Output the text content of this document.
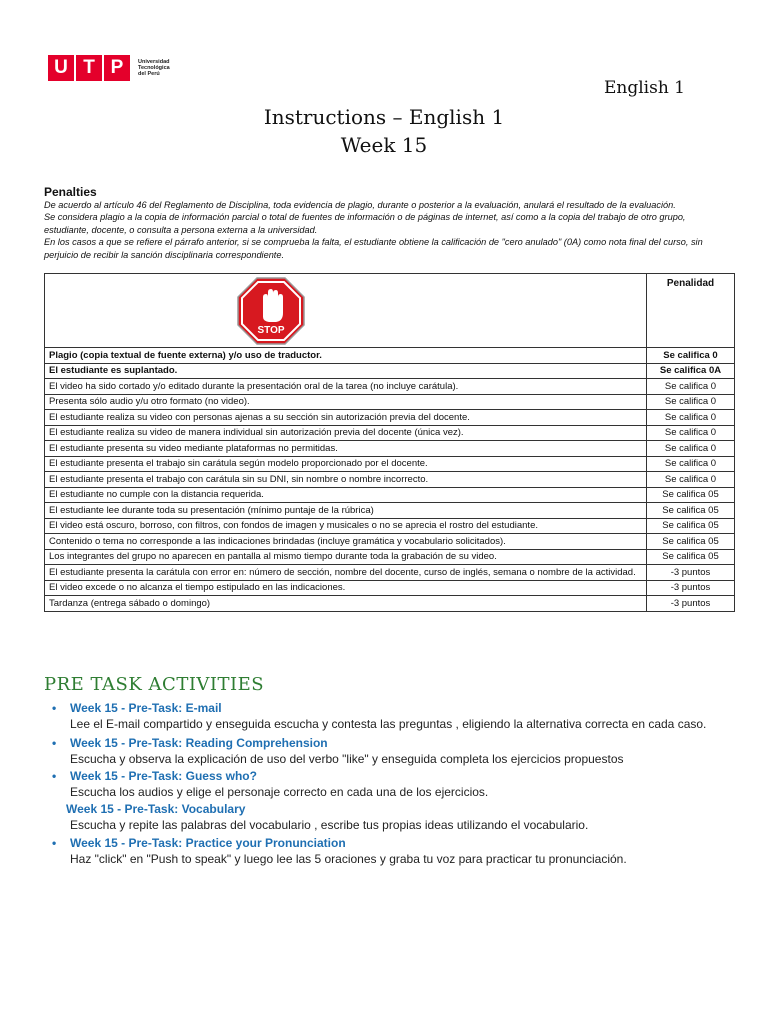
U T P	Universidad
Tecnológica
del Perú
English 1
Instructions – English 1
Week 15
Penalties
De acuerdo al artículo 46 del Reglamento de Disciplina, toda evidencia de plagio, durante o posterior a la evaluación, anulará el resultado de la evaluación.
Se considera plagio a la copia de información parcial o total de fuentes de información o de páginas de internet, así como a la copia del trabajo de otro grupo, estudiante, docente, o consulta a persona externa a la universidad.
En los casos a que se refiere el párrafo anterior, si se comprueba la falta, el estudiante obtiene la calificación de "cero anulado" (0A) como nota final del curso, sin perjuicio de recibir la sanción disciplinaria correspondiente.
STOP	Penalidad
Plagio (copia textual de fuente externa) y/o uso de traductor.	Se califica 0
El estudiante es suplantado.	Se califica 0A
El video ha sido cortado y/o editado durante la presentación oral de la tarea (no incluye carátula).	Se califica 0
Presenta sólo audio y/u otro formato (no video).	Se califica 0
El estudiante realiza su video con personas ajenas a su sección sin autorización previa del docente.	Se califica 0
El estudiante realiza su video de manera individual sin autorización previa del docente (única vez).	Se califica 0
El estudiante presenta su video mediante plataformas no permitidas.	Se califica 0
El estudiante presenta el trabajo sin carátula según modelo proporcionado por el docente.	Se califica 0
El estudiante presenta el trabajo con carátula sin su DNI, sin nombre o nombre incorrecto.	Se califica 0
El estudiante no cumple con la distancia requerida.	Se califica 05
El estudiante lee durante toda su presentación (mínimo puntaje de la rúbrica)	Se califica 05
El video está oscuro, borroso, con filtros, con fondos de imagen y musicales o no se aprecia el rostro del estudiante.	Se califica 05
Contenido o tema no corresponde a las indicaciones brindadas (incluye gramática y vocabulario solicitados).	Se califica 05
Los integrantes del grupo no aparecen en pantalla al mismo tiempo durante toda la grabación de su video.	Se califica 05
El estudiante presenta la carátula con error en: número de sección, nombre del docente, curso de inglés, semana o nombre de la actividad.	-3 puntos
El video excede o no alcanza el tiempo estipulado en las indicaciones.	-3 puntos
Tardanza (entrega sábado o domingo)	-3 puntos
PRE TASK ACTIVITIES
•	Week 15 - Pre-Task: E-mail
Lee el E-mail compartido y enseguida escucha y contesta las preguntas , eligiendo la alternativa correcta en cada caso.
•	Week 15 - Pre-Task: Reading Comprehension
Escucha y observa la explicación de uso del verbo "like" y enseguida completa los ejercicios propuestos
•	Week 15 - Pre-Task: Guess who?
Escucha los audios y elige el personaje correcto en cada una de los ejercicios.
Week 15 - Pre-Task: Vocabulary
Escucha y repite las palabras del vocabulario , escribe tus propias ideas utilizando el vocabulario.
•	Week 15 - Pre-Task: Practice your Pronunciation
Haz "click" en "Push to speak" y luego lee las 5 oraciones y graba tu voz para practicar tu pronunciación.
